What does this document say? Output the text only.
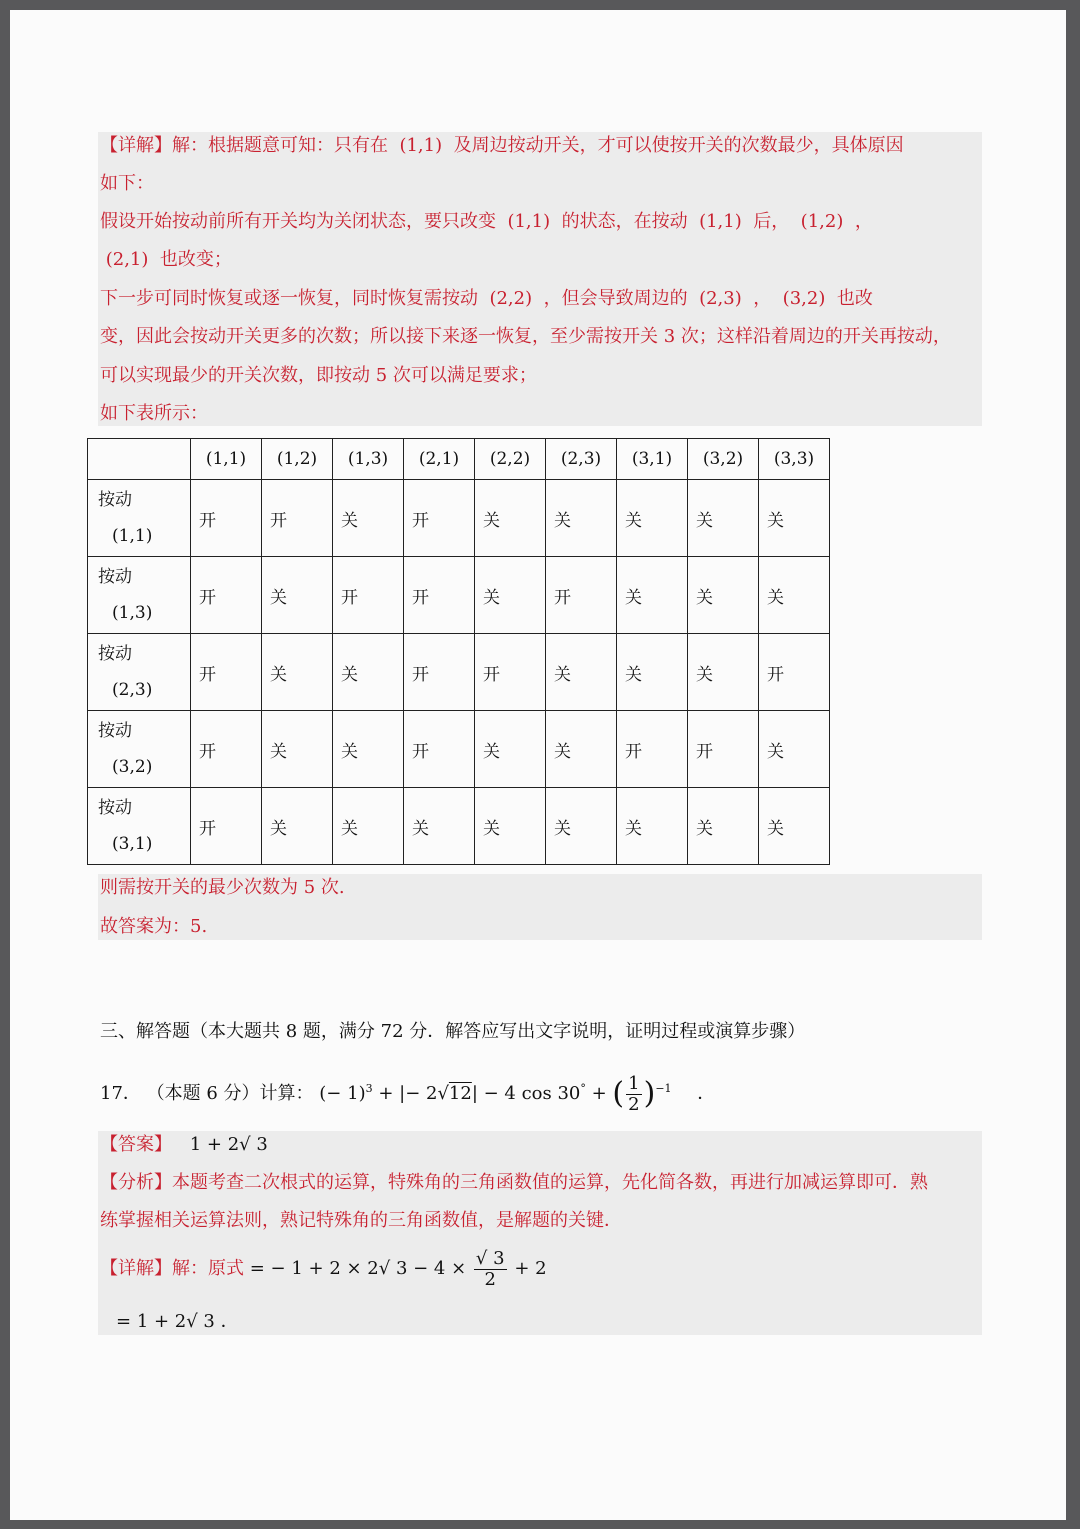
【详解】解：根据题意可知：只有在  (1,1)  及周边按动开关，才可以使按开关的次数最少，具体原因
如下：
假设开始按动前所有开关均为关闭状态，要只改变  (1,1)  的状态，在按动  (1,1)  后，  (1,2)  ，
(2,1)  也改变；
下一步可同时恢复或逐一恢复，同时恢复需按动  (2,2)  ，但会导致周边的  (2,3)  ，  (3,2)  也改
变，因此会按动开关更多的次数；所以接下来逐一恢复，至少需按开关 3 次；这样沿着周边的开关再按动，
可以实现最少的开关次数，即按动 5 次可以满足要求；
如下表所示：
	(1,1)	(1,2)	(1,3)	(2,1)	(2,2)	(2,3)	(3,1)	(3,2)	(3,3)

按动
(1,1)	开	开	关	开	关	关	关	关	关

按动
(1,3)	开	关	开	开	关	开	关	关	关

按动
(2,3)	开	关	关	开	开	关	关	关	开

按动
(3,2)	开	关	关	开	关	关	开	开	关

按动
(3,1)	开	关	关	关	关	关	关	关	关
则需按开关的最少次数为 5 次.
故答案为：5.
三、解答题（本大题共 8 题，满分 72 分．解答应写出文字说明，证明过程或演算步骤）
17． （本题 6 分）计算： (− 1)$^3$ + |− 2√12| − 4 cos 30° + ( $\frac{1}{2} )^{-1}$ ．
【答案】 1 + 2√ 3
【分析】本题考查二次根式的运算，特殊角的三角函数值的运算，先化简各数，再进行加减运算即可．熟
练掌握相关运算法则，熟记特殊角的三角函数值，是解题的关键．
【详解】解：原式 = − 1 + 2 × 2√ $3 - 4 \times \frac{√ 3}{2} + 2$
= 1 + 2√ 3 ．
